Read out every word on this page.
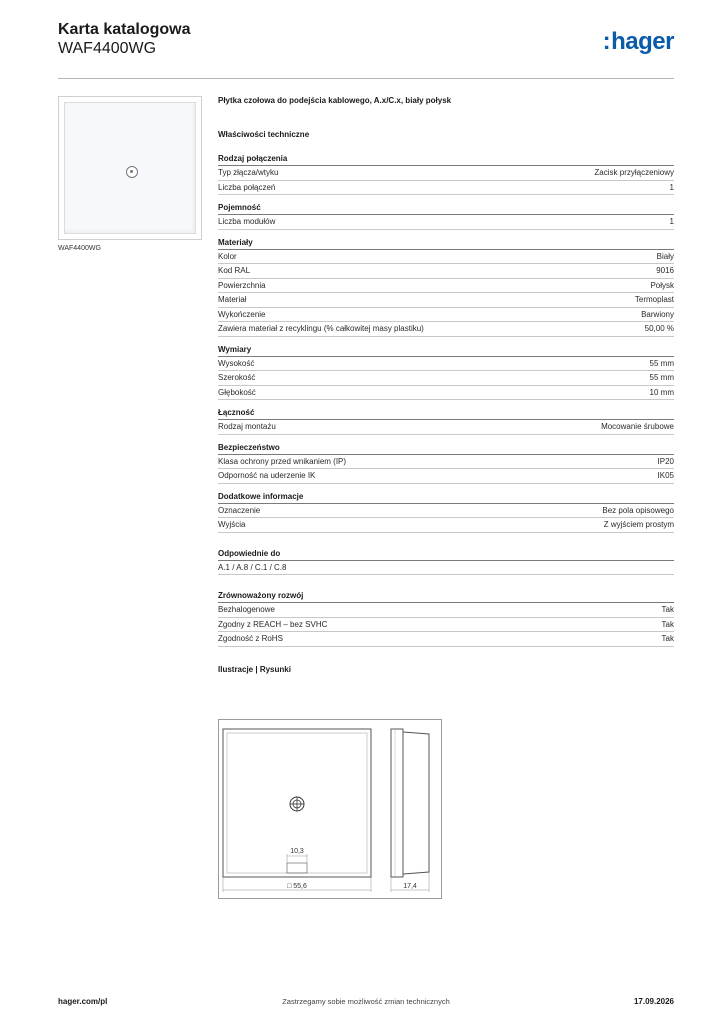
Karta katalogowa
WAF4400WG	:hager
WAF4400WG
Płytka czołowa do podejścia kablowego, A.x/C.x, biały połysk
Właściwości techniczne
Rodzaj połączenia
Typ złącza/wtyku	Zacisk przyłączeniowy
Liczba połączeń	1
Pojemność
Liczba modułów	1
Materiały
Kolor	Biały
Kod RAL	9016
Powierzchnia	Połysk
Materiał	Termoplast
Wykończenie	Barwiony
Zawiera materiał z recyklingu (% całkowitej masy plastiku)	50,00 %
Wymiary
Wysokość	55 mm
Szerokość	55 mm
Głębokość	10 mm
Łączność
Rodzaj montażu	Mocowanie śrubowe
Bezpieczeństwo
Klasa ochrony przed wnikaniem (IP)	IP20
Odporność na uderzenie IK	IK05
Dodatkowe informacje
Oznaczenie	Bez pola opisowego
Wyjścia	Z wyjściem prostym
Odpowiednie do
A.1 / A.8 / C.1 / C.8
Zrównoważony rozwój
Bezhalogenowe	Tak
Zgodny z REACH – bez SVHC	Tak
Zgodność z RoHS	Tak
Ilustracje | Rysunki
10,3
□ 55,6	17,4
Zastrzegamy sobie możliwość zmian technicznych
hager.com/pl	17.09.2026
